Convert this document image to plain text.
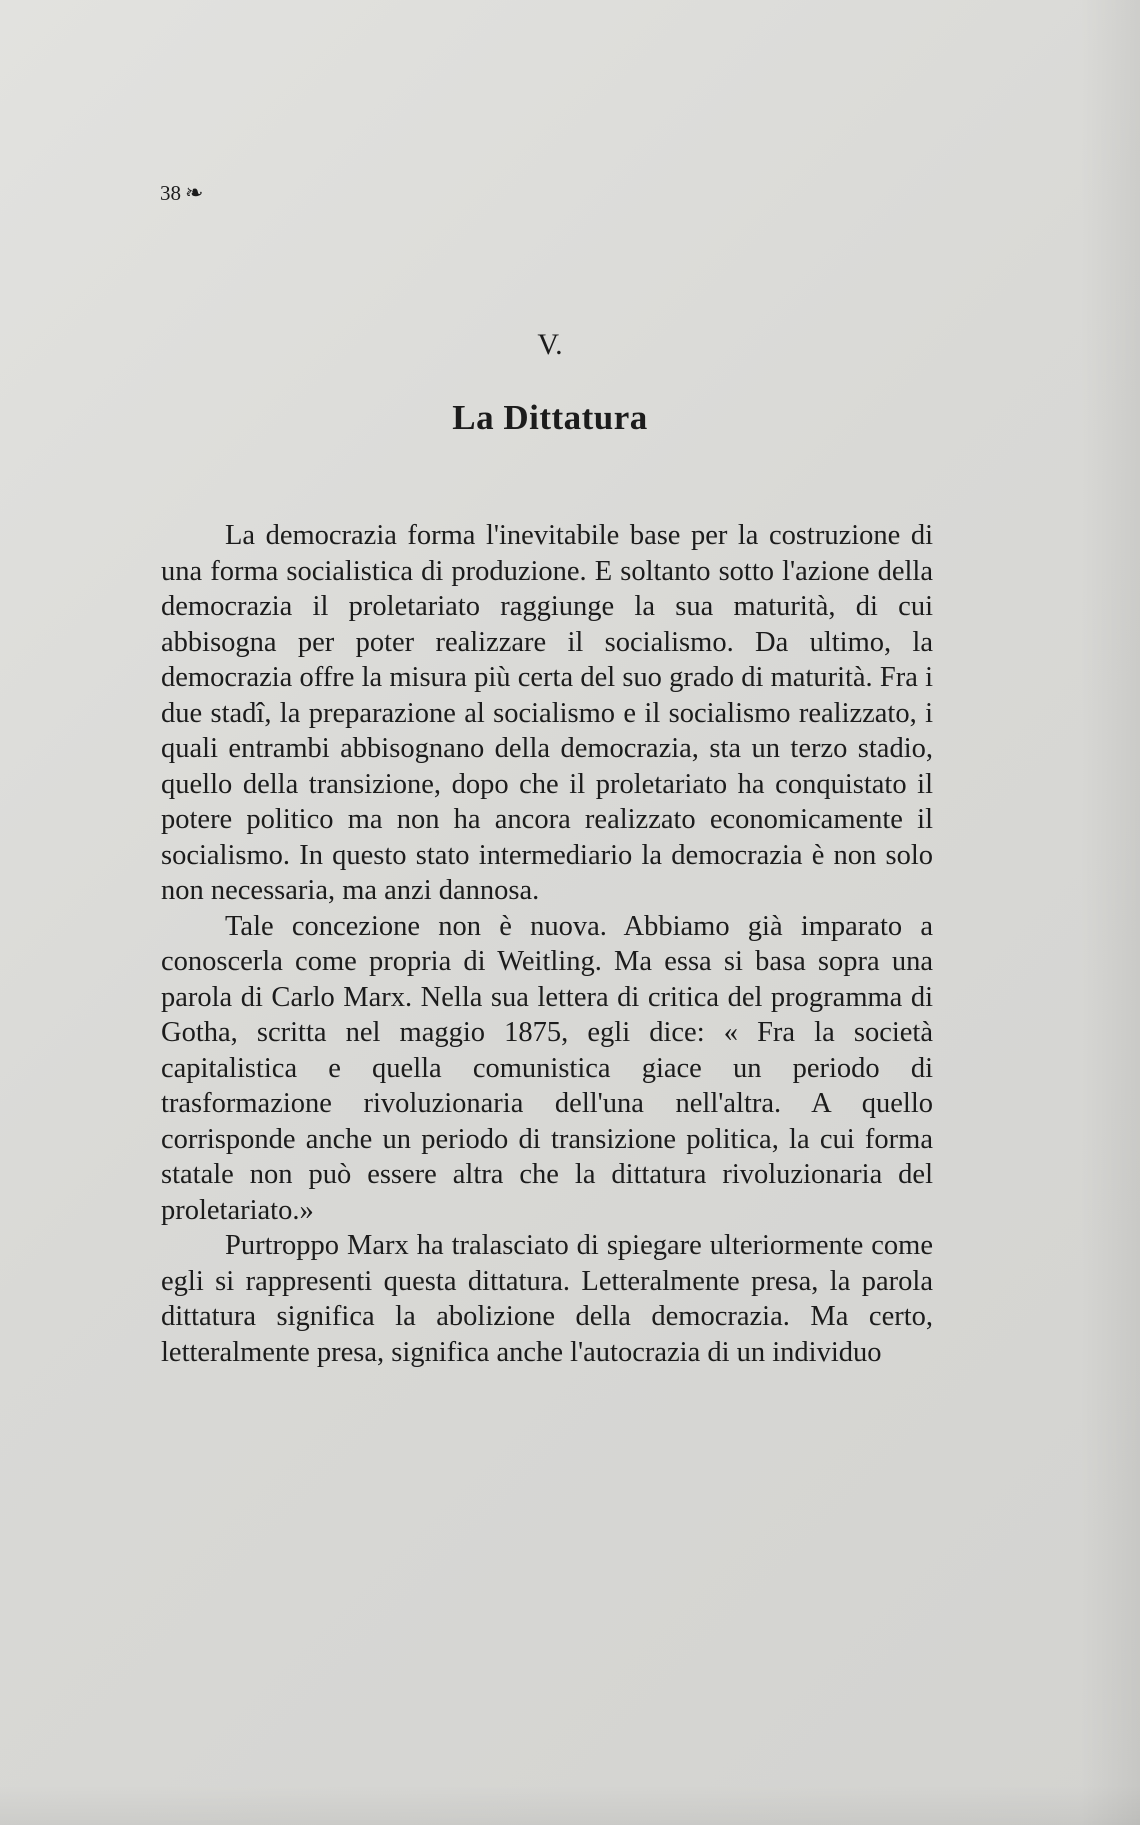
38 ❧
V.
La Dittatura

La democrazia forma l'inevitabile base per la costruzione di una forma socialistica di produzione. E soltanto sotto l'azione della democrazia il proletariato raggiunge la sua maturità, di cui abbisogna per poter realizzare il socialismo. Da ultimo, la democrazia offre la misura più certa del suo grado di maturità. Fra i due stadî, la preparazione al socialismo e il socialismo realizzato, i quali entrambi abbisognano della democrazia, sta un terzo stadio, quello della transizione, dopo che il proletariato ha conquistato il potere politico ma non ha ancora realizzato economicamente il socialismo. In questo stato intermediario la democrazia è non solo non necessaria, ma anzi dannosa.

Tale concezione non è nuova. Abbiamo già imparato a conoscerla come propria di Weitling. Ma essa si basa sopra una parola di Carlo Marx. Nella sua lettera di critica del programma di Gotha, scritta nel maggio 1875, egli dice: « Fra la società capitalistica e quella comunistica giace un periodo di trasformazione rivoluzionaria dell'una nell'altra. A quello corrisponde anche un periodo di transizione politica, la cui forma statale non può essere altra che la dittatura rivoluzionaria del proletariato.»

Purtroppo Marx ha tralasciato di spiegare ulteriormente come egli si rappresenti questa dittatura. Letteralmente presa, la parola dittatura significa la abolizione della democrazia. Ma certo, letteralmente presa, significa anche l'autocrazia di un individuo
